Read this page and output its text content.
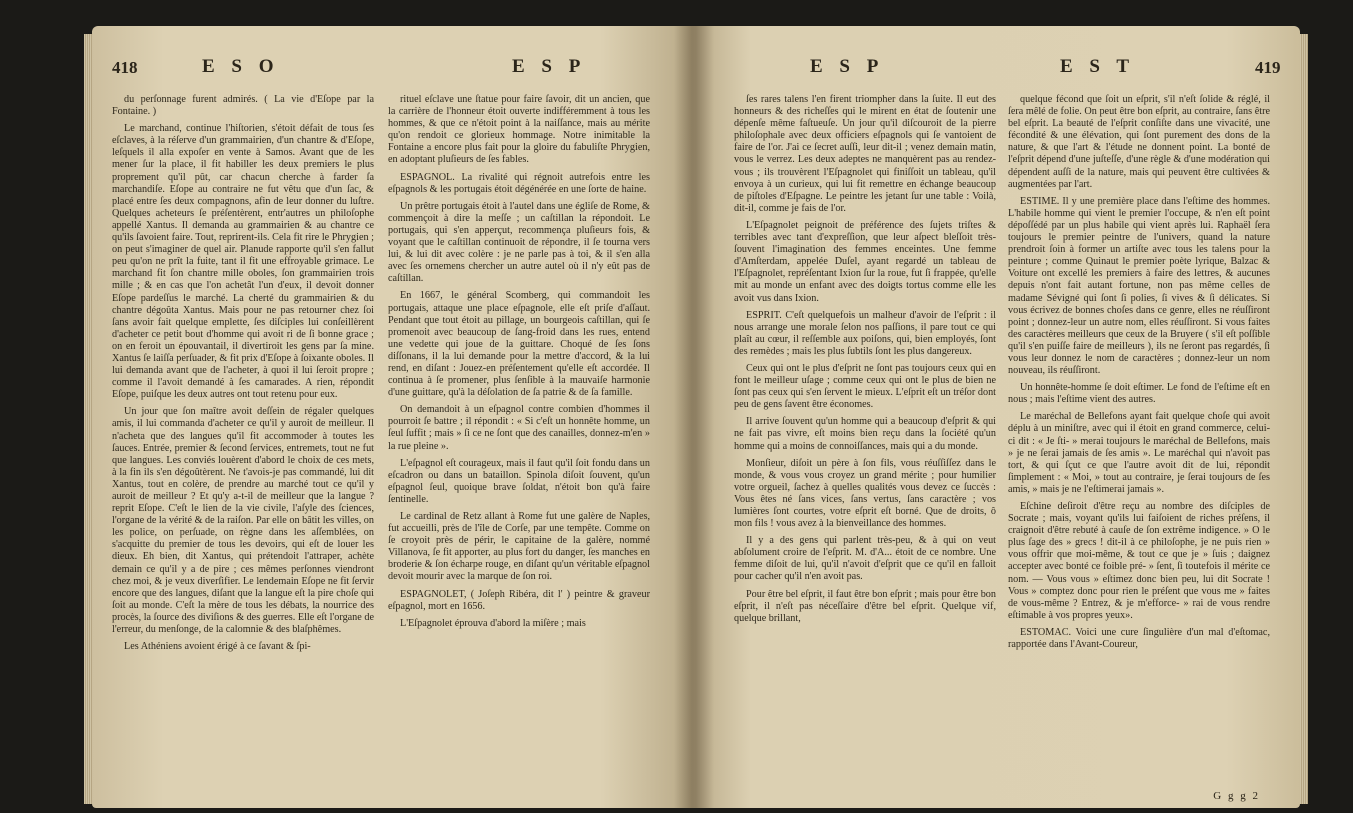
418	E S O	E S P

du perſonnage furent admirés. ( La vie d'Eſope par la Fontaine. )

Le marchand, continue l'hiſtorien, s'étoit défait de tous ſes eſclaves, à la réſerve d'un grammairien, d'un chantre & d'Eſope, leſquels il alla expoſer en vente à Samos. Avant que de les mener ſur la place, il fit habiller les deux premiers le plus proprement qu'il pût, car chacun cherche à farder ſa marchandiſe. Eſope au contraire ne fut vêtu que d'un ſac, & placé entre ſes deux compagnons, afin de leur donner du luſtre. Quelques acheteurs ſe préſentèrent, entr'autres un philoſophe appellé Xantus. Il demanda au grammairien & au chantre ce qu'ils ſavoient faire. Tout, reprirent-ils. Cela fit rire le Phrygien ; on peut s'imaginer de quel air. Planude rapporte qu'il s'en fallut peu qu'on ne prît la fuite, tant il fit une effroyable grimace. Le marchand fit ſon chantre mille oboles, ſon grammairien trois mille ; & en cas que l'on achetât l'un d'eux, il devoit donner Eſope pardeſſus le marché. La cherté du grammairien & du chantre dégoûta Xantus. Mais pour ne pas retourner chez ſoi ſans avoir fait quelque emplette, ſes diſciples lui conſeillèrent d'acheter ce petit bout d'homme qui avoit ri de ſi bonne grace ; on en feroit un épouvantail, il divertiroit les gens par ſa mine. Xantus ſe laiſſa perſuader, & fit prix d'Eſope à ſoixante oboles. Il lui demanda avant que de l'acheter, à quoi il lui ſeroit propre ; comme il l'avoit demandé à ſes camarades. A rien, répondit Eſope, puiſque les deux autres ont tout retenu pour eux.

Un jour que ſon maître avoit deſſein de régaler quelques amis, il lui commanda d'acheter ce qu'il y auroit de meilleur. Il n'acheta que des langues qu'il fit accommoder à toutes les ſauces. Entrée, premier & ſecond ſervices, entremets, tout ne fut que langues. Les conviés louèrent d'abord le choix de ces mets, à la fin ils s'en dégoûtèrent. Ne t'avois-je pas commandé, lui dit Xantus, tout en colère, de prendre au marché tout ce qu'il y auroit de meilleur ? Et qu'y a-t-il de meilleur que la langue ? reprit Eſope. C'eſt le lien de la vie civile, l'aſyle des ſciences, l'organe de la vérité & de la raiſon. Par elle on bâtit les villes, on les police, on perſuade, on règne dans les aſſemblées, on s'acquitte du premier de tous les devoirs, qui eſt de louer les dieux. Eh bien, dit Xantus, qui prétendoit l'attraper, achète demain ce qu'il y a de pire ; ces mêmes perſonnes viendront chez moi, & je veux diverſifier. Le lendemain Eſope ne fit ſervir encore que des langues, diſant que la langue eſt la pire choſe qui ſoit au monde. C'eſt la mère de tous les débats, la nourrice des procès, la ſource des diviſions & des guerres. Elle eſt l'organe de l'erreur, du menſonge, de la calomnie & des blaſphêmes.

Les Athéniens avoient érigé à ce ſavant & ſpi-

rituel eſclave une ſtatue pour faire ſavoir, dit un ancien, que la carrière de l'honneur étoit ouverte indifféremment à tous les hommes, & que ce n'étoit point à la naiſſance, mais au mérite qu'on rendoit ce glorieux hommage. Notre inimitable la Fontaine a encore plus fait pour la gloire du fabuliſte Phrygien, en adoptant pluſieurs de ſes fables.

ESPAGNOL. La rivalité qui régnoit autrefois entre les eſpagnols & les portugais étoit dégénérée en une ſorte de haine.

Un prêtre portugais étoit à l'autel dans une égliſe de Rome, & commençoit à dire la meſſe ; un caſtillan la répondoit. Le portugais, qui s'en apperçut, recommença pluſieurs fois, & voyant que le caſtillan continuoit de répondre, il ſe tourna vers lui, & lui dit avec colère : je ne parle pas à toi, & il s'en alla avec ſes ornemens chercher un autre autel où il n'y eût pas de caſtillan.

En 1667, le général Scomberg, qui commandoit les portugais, attaque une place eſpagnole, elle eſt priſe d'aſſaut. Pendant que tout étoit au pillage, un bourgeois caſtillan, qui ſe promenoit avec beaucoup de ſang-froid dans les rues, entend une vedette qui joue de la guittare. Choqué de ſes ſons diſſonans, il la lui demande pour la mettre d'accord, & la lui rend, en diſant : Jouez-en préſentement qu'elle eſt accordée. Il continua à ſe promener, plus ſenſible à la mauvaiſe harmonie d'une guittare, qu'à la déſolation de ſa patrie & de ſa famille.

On demandoit à un eſpagnol contre combien d'hommes il pourroit ſe battre ; il répondit : « Si c'eſt un honnête homme, un ſeul ſuffit ; mais » ſi ce ne ſont que des canailles, donnez-m'en » la rue pleine ».

L'eſpagnol eſt courageux, mais il faut qu'il ſoit fondu dans un eſcadron ou dans un bataillon. Spinola diſoit ſouvent, qu'un eſpagnol ſeul, quoique brave ſoldat, n'étoit bon qu'à faire ſentinelle.

Le cardinal de Retz allant à Rome fut une galère de Naples, fut accueilli, près de l'île de Corſe, par une tempête. Comme on ſe croyoit près de périr, le capitaine de la galère, nommé Villanova, ſe fit apporter, au plus fort du danger, ſes manches en broderie & ſon écharpe rouge, en diſant qu'un véritable eſpagnol devoit mourir avec la marque de ſon roi.

ESPAGNOLET, ( Joſeph Ribéra, dit l' ) peintre & graveur eſpagnol, mort en 1656.

L'Eſpagnolet éprouva d'abord la miſère ; mais

E S P	E S T	419

ſes rares talens l'en firent triompher dans la ſuite. Il eut des honneurs & des richeſſes qui le mirent en état de ſoutenir une dépenſe même faſtueuſe. Un jour qu'il diſcouroit de la pierre philoſophale avec deux officiers eſpagnols qui ſe vantoient de faire de l'or. J'ai ce ſecret auſſi, leur dit-il ; venez demain matin, vous le verrez. Les deux adeptes ne manquèrent pas au rendez-vous ; ils trouvèrent l'Eſpagnolet qui finiſſoit un tableau, qu'il envoya à un curieux, qui lui fit remettre en échange beaucoup de piſtoles d'Eſpagne. Le peintre les jetant ſur une table : Voilà, dit-il, comme je fais de l'or.

L'Eſpagnolet peignoit de préférence des ſujets triſtes & terribles avec tant d'expreſſion, que leur aſpect bleſſoit très-ſouvent l'imagination des femmes enceintes. Une femme d'Amſterdam, appelée Duſel, ayant regardé un tableau de l'Eſpagnolet, repréſentant Ixion ſur la roue, fut ſi frappée, qu'elle mit au monde un enfant avec des doigts tortus comme elle les avoit vus dans Ixion.

ESPRIT. C'eſt quelquefois un malheur d'avoir de l'eſprit : il nous arrange une morale ſelon nos paſſions, il pare tout ce qui plaît au cœur, il reſſemble aux poiſons, qui, bien employés, ſont des remèdes ; mais les plus ſubtils ſont les plus dangereux.

Ceux qui ont le plus d'eſprit ne ſont pas toujours ceux qui en font le meilleur uſage ; comme ceux qui ont le plus de bien ne ſont pas ceux qui s'en ſervent le mieux. L'eſprit eſt un tréſor dont peu de gens ſavent être économes.

Il arrive ſouvent qu'un homme qui a beaucoup d'eſprit & qui ne fait pas vivre, eſt moins bien reçu dans la ſociété qu'un homme qui a moins de connoiſſances, mais qui a du monde.

Monſieur, diſoit un père à ſon fils, vous réuſſiſſez dans le monde, & vous vous croyez un grand mérite ; pour humilier votre orgueil, ſachez à quelles qualités vous devez ce ſuccès : Vous êtes né ſans vices, ſans vertus, ſans caractère ; vos lumières ſont courtes, votre eſprit eſt borné. Que de droits, ô mon fils ! vous avez à la bienveillance des hommes.

Il y a des gens qui parlent très-peu, & à qui on veut abſolument croire de l'eſprit. M. d'A... étoit de ce nombre. Une femme diſoit de lui, qu'il n'avoit d'eſprit que ce qu'il en falloit pour cacher qu'il n'en avoit pas.

Pour être bel eſprit, il faut être bon eſprit ; mais pour être bon eſprit, il n'eſt pas néceſſaire d'être bel eſprit. Quelque vif, quelque brillant,

quelque fécond que ſoit un eſprit, s'il n'eſt ſolide & réglé, il ſera mêlé de folie. On peut être bon eſprit, au contraire, ſans être bel eſprit. La beauté de l'eſprit conſiſte dans une vivacité, une fécondité & une élévation, qui ſont purement des dons de la nature, & que l'art & l'étude ne donnent point. La bonté de l'eſprit dépend d'une juſteſſe, d'une règle & d'une modération qui dépendent auſſi de la nature, mais qui peuvent être cultivées & augmentées par l'art.

ESTIME. Il y une première place dans l'eſtime des hommes. L'habile homme qui vient le premier l'occupe, & n'en eſt point dépoſſédé par un plus habile qui vient après lui. Raphaël ſera toujours le premier peintre de l'univers, quand la nature prendroit ſoin à former un artiſte avec tous les talens pour la peinture ; comme Quinaut le premier poète lyrique, Balzac & Voiture ont excellé les premiers à faire des lettres, & aucunes depuis n'ont fait autant fortune, non pas même celles de madame Sévigné qui ſont ſi polies, ſi vives & ſi délicates. Si vous écrivez de bonnes choſes dans ce genre, elles ne réuſſiront point ; donnez-leur un autre nom, elles réuſſiront. Si vous faites des caractères meilleurs que ceux de la Bruyere ( s'il eſt poſſible qu'il s'en puiſſe faire de meilleurs ), ils ne ſeront pas regardés, ſi vous leur donnez le nom de caractères ; donnez-leur un nom nouveau, ils réuſſiront.

Un honnête-homme ſe doit eſtimer. Le fond de l'eſtime eſt en nous ; mais l'eſtime vient des autres.

Le maréchal de Bellefons ayant fait quelque choſe qui avoit déplu à un miniſtre, avec qui il étoit en grand commerce, celui-ci dit : « Je ſti- » merai toujours le maréchal de Bellefons, mais » je ne ſerai jamais de ſes amis ». Le maréchal qui n'avoit pas tort, & qui ſçut ce que l'autre avoit dit de lui, répondit ſimplement : « Moi, » tout au contraire, je ſerai toujours de ſes amis, » mais je ne l'eſtimerai jamais ».

Eſchine deſiroit d'être reçu au nombre des diſciples de Socrate ; mais, voyant qu'ils lui faiſoient de riches préſens, il craignoit d'être rebuté à cauſe de ſon extrême indigence. » O le plus ſage des » grecs ! dit-il à ce philoſophe, je ne puis rien » vous offrir que moi-même, & tout ce que je » ſuis ; daignez accepter avec bonté ce foible pré- » ſent, ſi toutefois il mérite ce nom. — Vous vous » eſtimez donc bien peu, lui dit Socrate ! Vous » comptez donc pour rien le préſent que vous me » faites de vous-même ? Entrez, & je m'efforce- » rai de vous rendre eſtimable à vos propres yeux».

ESTOMAC. Voici une cure ſingulière d'un mal d'eſtomac, rapportée dans l'Avant-Coureur,

G g g 2
